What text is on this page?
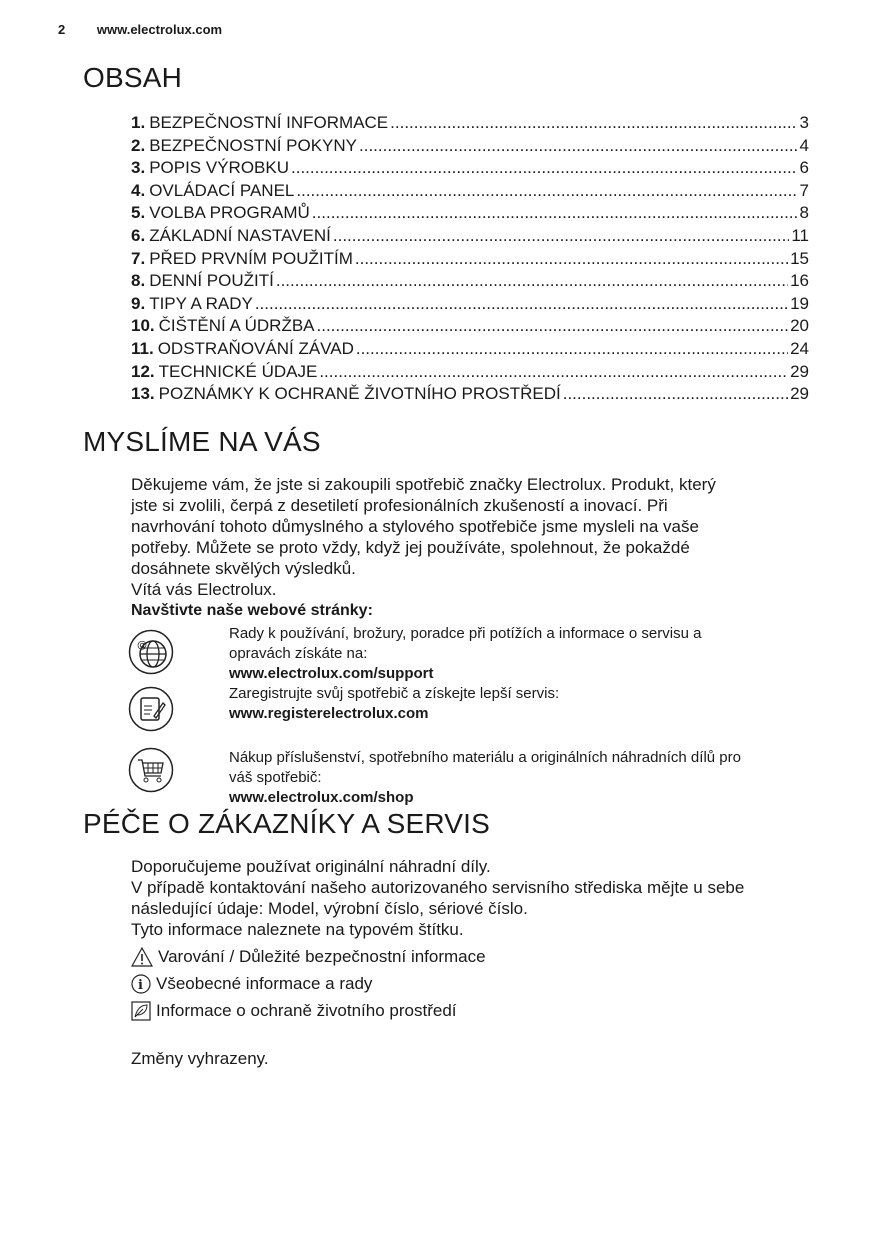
2 www.electrolux.com
OBSAH
1. BEZPEČNOSTNÍ INFORMACE .....	3
2. BEZPEČNOSTNÍ POKYNY .....	4
3. POPIS VÝROBKU .....	6
4. OVLÁDACÍ PANEL .....	7
5. VOLBA PROGRAMŮ .....	8
6. ZÁKLADNÍ NASTAVENÍ .....	11
7. PŘED PRVNÍM POUŽITÍM .....	15
8. DENNÍ POUŽITÍ .....	16
9. TIPY A RADY .....	19
10. ČIŠTĚNÍ A ÚDRŽBA .....	20
11. ODSTRAŇOVÁNÍ ZÁVAD .....	24
12. TECHNICKÉ ÚDAJE .....	29
13. POZNÁMKY K OCHRANĚ ŽIVOTNÍHO PROSTŘEDÍ .....	29
MYSLÍME NA VÁS
Děkujeme vám, že jste si zakoupili spotřebič značky Electrolux. Produkt, který
jste si zvolili, čerpá z desetiletí profesionálních zkušeností a inovací. Při
navrhování tohoto důmyslného a stylového spotřebiče jsme mysleli na vaše
potřeby. Můžete se proto vždy, když jej používáte, spolehnout, že pokaždé
dosáhnete skvělých výsledků.
Vítá vás Electrolux.
Navštivte naše webové stránky:
@
Rady k používání, brožury, poradce při potížích a informace o servisu a
opravách získáte na:
www.electrolux.com/support
Zaregistrujte svůj spotřebič a získejte lepší servis:
www.registerelectrolux.com
Nákup příslušenství, spotřebního materiálu a originálních náhradních dílů pro
váš spotřebič:
www.electrolux.com/shop
PÉČE O ZÁKAZNÍKY A SERVIS
Doporučujeme používat originální náhradní díly.
V případě kontaktování našeho autorizovaného servisního střediska mějte u sebe
následující údaje: Model, výrobní číslo, sériové číslo.
Tyto informace naleznete na typovém štítku.
Varování / Důležité bezpečnostní informace
i Všeobecné informace a rady
Informace o ochraně životního prostředí
Změny vyhrazeny.
